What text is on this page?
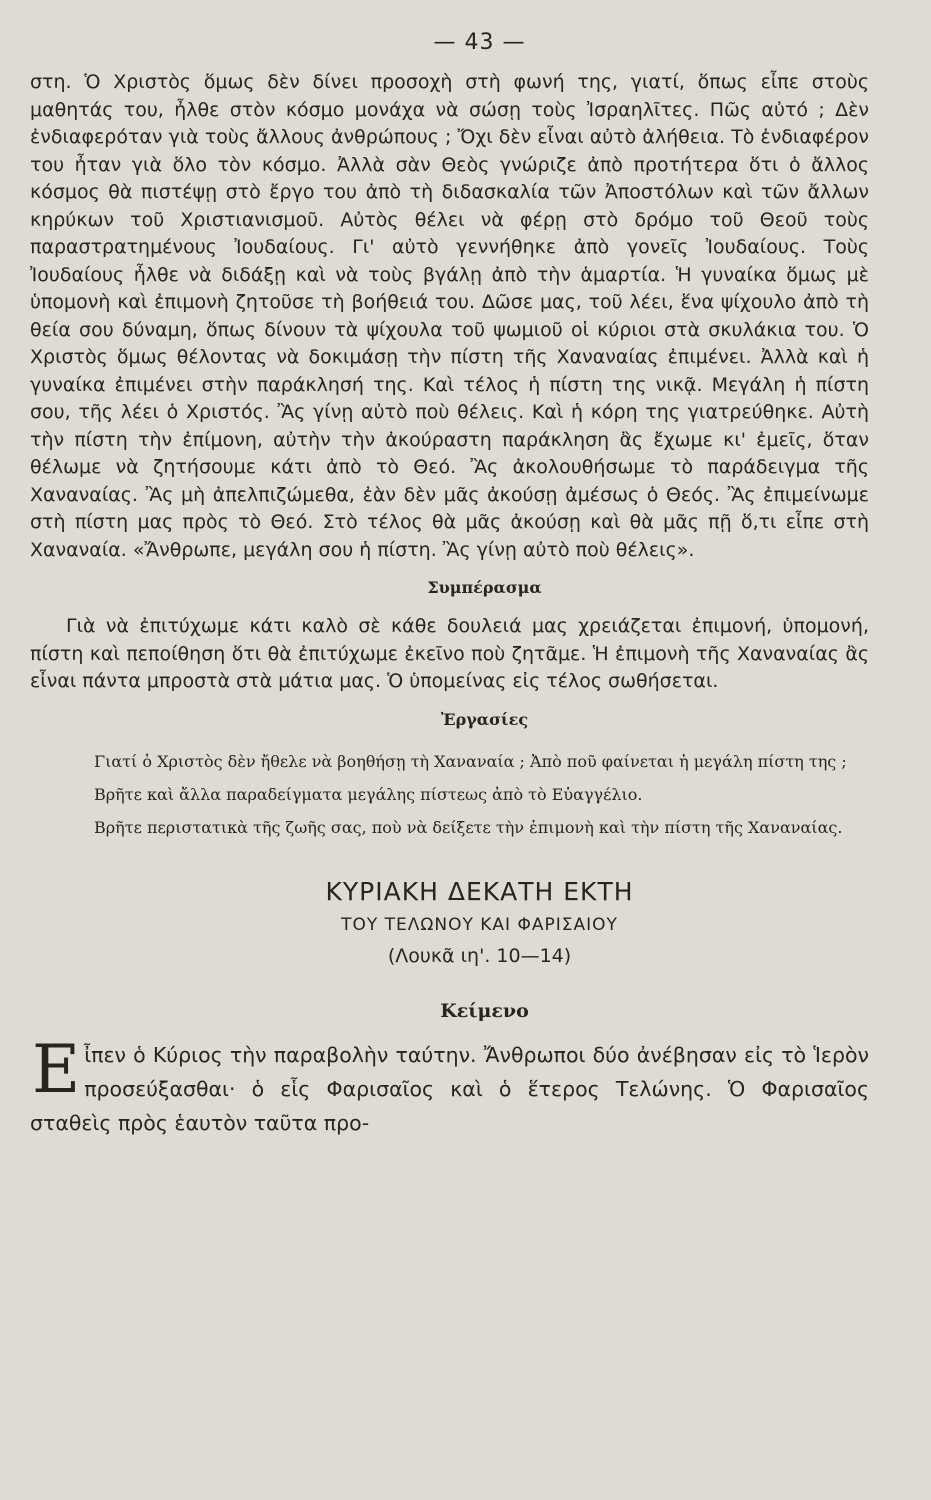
— 43 —

στη. Ὁ Χριστὸς ὅμως δὲν δίνει προσοχὴ στὴ φωνή της, γιατί, ὅπως εἶπε στοὺς μαθητάς του, ἦλθε στὸν κόσμο μονάχα νὰ σώσῃ τοὺς Ἰσραηλῖτες. Πῶς αὐτό ; Δὲν ἐνδιαφερόταν γιὰ τοὺς ἄλλους ἀνθρώπους ; Ὄχι δὲν εἶναι αὐτὸ ἀλήθεια. Τὸ ἐνδιαφέρον του ἦταν γιὰ ὅλο τὸν κόσμο. Ἀλλὰ σὰν Θεὸς γνώριζε ἀπὸ προτήτερα ὅτι ὁ ἄλλος κόσμος θὰ πιστέψῃ στὸ ἔργο του ἀπὸ τὴ διδασκαλία τῶν Ἀποστόλων καὶ τῶν ἄλλων κηρύκων τοῦ Χριστιανισμοῦ. Αὐτὸς θέλει νὰ φέρῃ στὸ δρόμο τοῦ Θεοῦ τοὺς παραστρατημένους Ἰουδαίους. Γι' αὐτὸ γεννήθηκε ἀπὸ γονεῖς Ἰουδαίους. Τοὺς Ἰουδαίους ἦλθε νὰ διδάξῃ καὶ νὰ τοὺς βγάλῃ ἀπὸ τὴν ἁμαρτία. Ἡ γυναίκα ὅμως μὲ ὑπομονὴ καὶ ἐπιμονὴ ζητοῦσε τὴ βοήθειά του. Δῶσε μας, τοῦ λέει, ἕνα ψίχουλο ἀπὸ τὴ θεία σου δύναμη, ὅπως δίνουν τὰ ψίχουλα τοῦ ψωμιοῦ οἱ κύριοι στὰ σκυλάκια του. Ὁ Χριστὸς ὅμως θέλοντας νὰ δοκιμάσῃ τὴν πίστη τῆς Χαναναίας ἐπιμένει. Ἀλλὰ καὶ ἡ γυναίκα ἐπιμένει στὴν παράκλησή της. Καὶ τέλος ἡ πίστη της νικᾷ. Μεγάλη ἡ πίστη σου, τῆς λέει ὁ Χριστός. Ἂς γίνῃ αὐτὸ ποὺ θέλεις. Καὶ ἡ κόρη της γιατρεύθηκε. Αὐτὴ τὴν πίστη τὴν ἐπίμονη, αὐτὴν τὴν ἀκούραστη παράκληση ἂς ἔχωμε κι' ἐμεῖς, ὅταν θέλωμε νὰ ζητήσουμε κάτι ἀπὸ τὸ Θεό. Ἂς ἀκολουθήσωμε τὸ παράδειγμα τῆς Χαναναίας. Ἂς μὴ ἀπελπιζώμεθα, ἐὰν δὲν μᾶς ἀκούσῃ ἀμέσως ὁ Θεός. Ἂς ἐπιμείνωμε στὴ πίστη μας πρὸς τὸ Θεό. Στὸ τέλος θὰ μᾶς ἀκούσῃ καὶ θὰ μᾶς πῇ ὅ,τι εἶπε στὴ Χαναναία. «Ἄνθρωπε, μεγάλη σου ἡ πίστη. Ἂς γίνῃ αὐτὸ ποὺ θέλεις».

Συμπέρασμα

Γιὰ νὰ ἐπιτύχωμε κάτι καλὸ σὲ κάθε δουλειά μας χρειάζεται ἐπιμονή, ὑπομονή, πίστη καὶ πεποίθηση ὅτι θὰ ἐπιτύχωμε ἐκεῖνο ποὺ ζητᾶμε. Ἡ ἐπιμονὴ τῆς Χαναναίας ἂς εἶναι πάντα μπροστὰ στὰ μάτια μας. Ὁ ὑπομείνας εἰς τέλος σωθήσεται.

Ἐργασίες

Γιατί ὁ Χριστὸς δὲν ἤθελε νὰ βοηθήσῃ τὴ Χαναναία ; Ἀπὸ ποῦ φαίνεται ἡ μεγάλη πίστη της ;

Βρῆτε καὶ ἄλλα παραδείγματα μεγάλης πίστεως ἀπὸ τὸ Εὐαγγέλιο.

Βρῆτε περιστατικὰ τῆς ζωῆς σας, ποὺ νὰ δείξετε τὴν ἐπιμονὴ καὶ τὴν πίστη τῆς Χαναναίας.

ΚΥΡΙΑΚΗ ΔΕΚΑΤΗ ΕΚΤΗ
ΤΟΥ ΤΕΛΩΝΟΥ ΚΑΙ ΦΑΡΙΣΑΙΟΥ
(Λουκᾶ ιη'. 10—14)
Κείμενο
Ε ἶπεν ὁ Κύριος τὴν παραβολὴν ταύτην. Ἄνθρωποι δύο ἀνέβησαν εἰς τὸ Ἱερὸν προσεύξασθαι· ὁ εἷς Φαρισαῖος καὶ ὁ ἕτερος Τελώνης. Ὁ Φαρισαῖος σταθεὶς πρὸς ἑαυτὸν ταῦτα προ-
